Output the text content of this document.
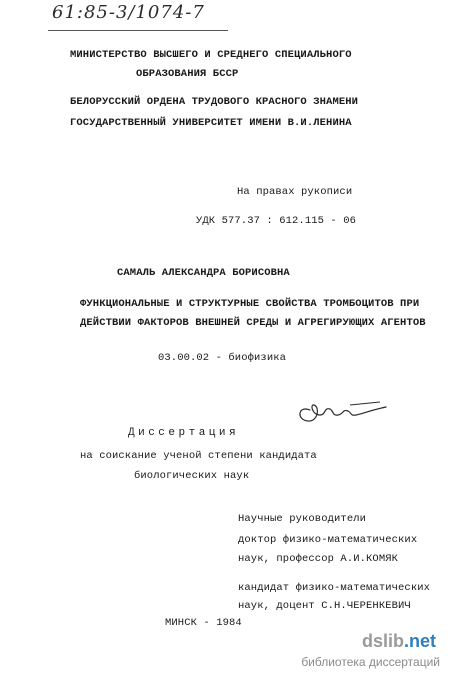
61:85-3/1074-7
МИНИСТЕРСТВО ВЫСШЕГО И СРЕДНЕГО СПЕЦИАЛЬНОГО
ОБРАЗОВАНИЯ БССР
БЕЛОРУССКИЙ ОРДЕНА ТРУДОВОГО КРАСНОГО ЗНАМЕНИ
ГОСУДАРСТВЕННЫЙ УНИВЕРСИТЕТ ИМЕНИ В.И.ЛЕНИНА
На правах рукописи
УДК 577.37 : 612.115 - 06
САМАЛЬ АЛЕКСАНДРА БОРИСОВНА
ФУНКЦИОНАЛЬНЫЕ И СТРУКТУРНЫЕ СВОЙСТВА ТРОМБОЦИТОВ ПРИ
ДЕЙСТВИИ ФАКТОРОВ ВНЕШНЕЙ СРЕДЫ И АГРЕГИРУЮЩИХ АГЕНТОВ
03.00.02 - биофизика
Диссертация
на соискание ученой степени кандидата
биологических наук
Научные руководители
доктор физико-математических
наук, профессор А.И.КОМЯК
кандидат физико-математических
наук, доцент С.Н.ЧЕРЕНКЕВИЧ
МИНСК - 1984
dslib.net
библиотека диссертаций
